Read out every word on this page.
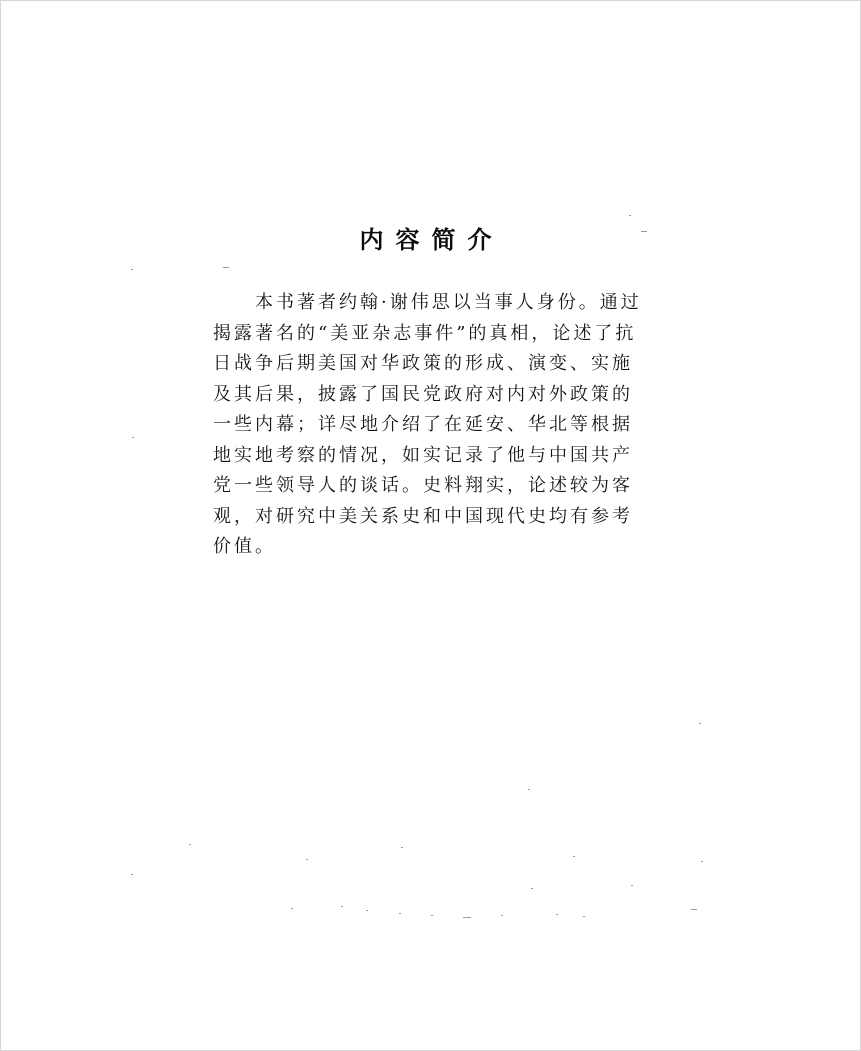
内容简介

本书著者约翰·谢伟思以当事人身份。通过揭露著名的“美亚杂志事件”的真相，论述了抗日战争后期美国对华政策的形成、演变、实施及其后果，披露了国民党政府对内对外政策的一些内幕；详尽地介绍了在延安、华北等根据地实地考察的情况，如实记录了他与中国共产党一些领导人的谈话。史料翔实，论述较为客观，对研究中美关系史和中国现代史均有参考价值。
